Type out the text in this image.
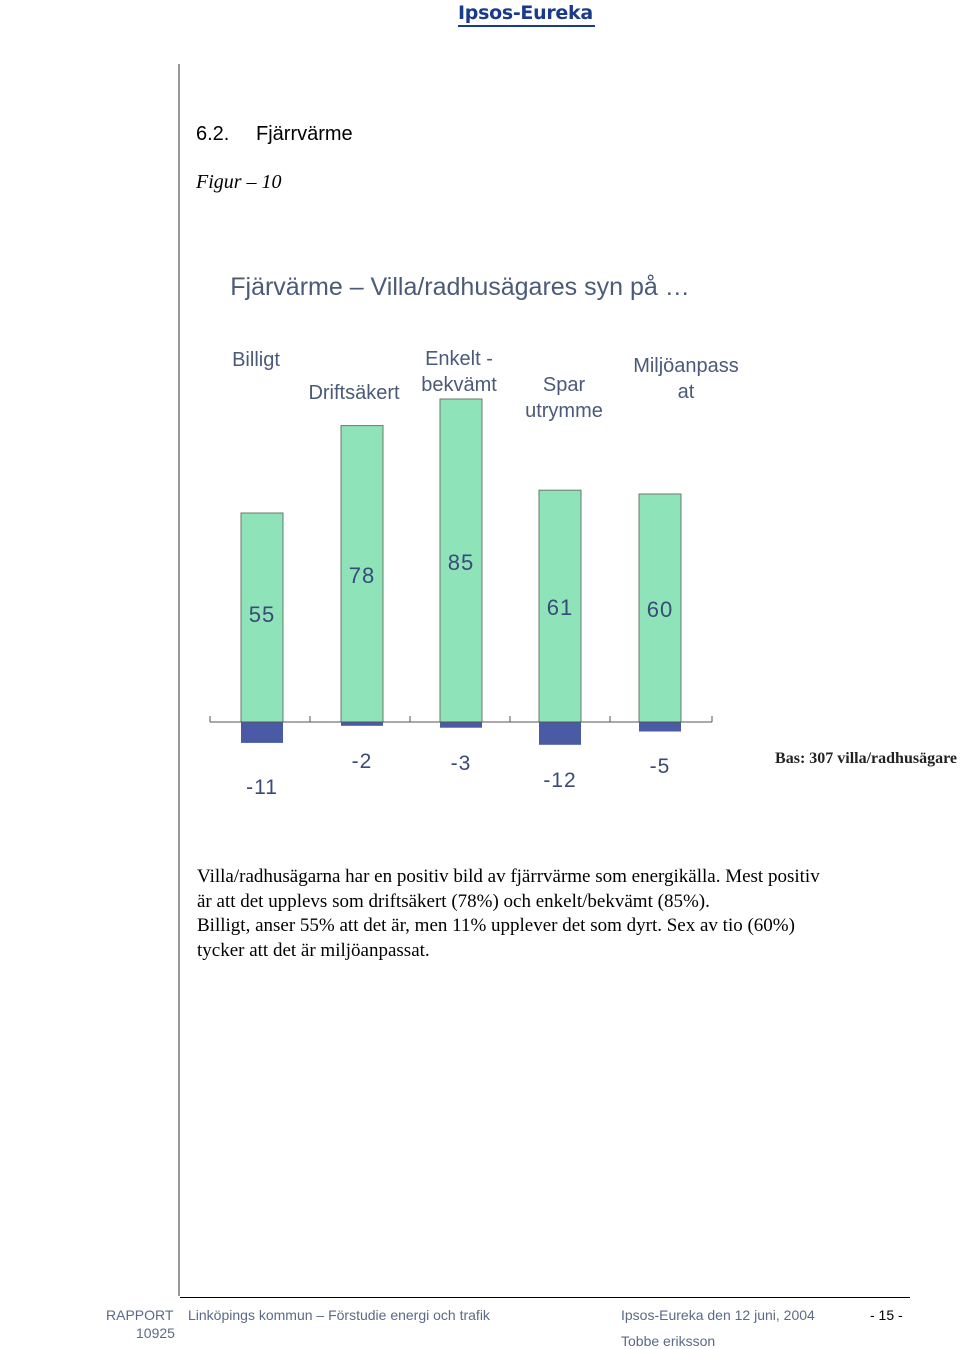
Ipsos-Eureka
6.2. Fjärrvärme
Figur – 10
Fjärvärme – Villa/radhusägares syn på …
Billigt
Driftsäkert
Enkelt -bekvämt	Spar utrymme
Miljöanpass at
55
-11
78
-2
85
-3
61
-12
60
-5	Bas: 307 villa/radhusägare

Villa/radhusägarna har en positiv bild av fjärrvärme som energikälla. Mest positiv

är att det upplevs som driftsäkert (78%) och enkelt/bekvämt (85%).

Billigt, anser 55% att det är, men 11% upplever det som dyrt. Sex av tio (60%)

tycker att det är miljöanpassat.

RAPPORT
10925
Linköpings kommun – Förstudie energi och trafik	Ipsos-Eureka den 12 juni, 2004
Tobbe eriksson
- 15 -
